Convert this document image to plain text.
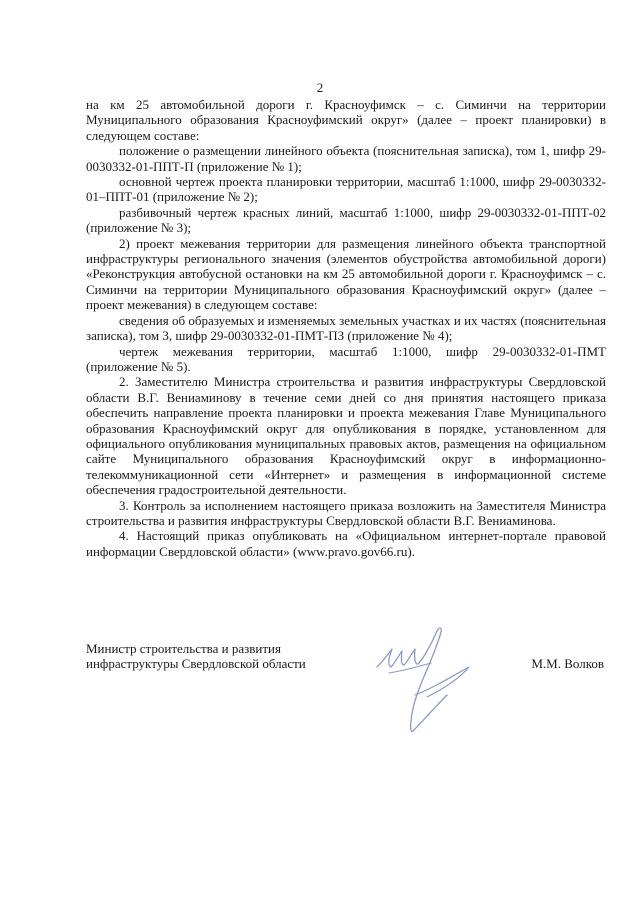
2

на км 25 автомобильной дороги г. Красноуфимск – с. Симинчи на территории Муниципального образования Красноуфимский округ» (далее – проект планировки) в следующем составе:

положение о размещении линейного объекта (пояснительная записка), том 1, шифр 29-0030332-01-ППТ-П (приложение № 1);

основной чертеж проекта планировки территории, масштаб 1:1000, шифр 29-0030332-01–ППТ-01 (приложение № 2);

разбивочный чертеж красных линий, масштаб 1:1000, шифр 29-0030332-01-ППТ-02 (приложение № 3);

2) проект межевания территории для размещения линейного объекта транспортной инфраструктуры регионального значения (элементов обустройства автомобильной дороги) «Реконструкция автобусной остановки на км 25 автомобильной дороги г. Красноуфимск – с. Симинчи на территории Муниципального образования Красноуфимский округ» (далее – проект межевания) в следующем составе:

сведения об образуемых и изменяемых земельных участках и их частях (пояснительная записка), том 3, шифр 29-0030332-01-ПМТ-ПЗ (приложение № 4);

чертеж межевания территории, масштаб 1:1000, шифр 29-0030332-01-ПМТ (приложение № 5).

2. Заместителю Министра строительства и развития инфраструктуры Свердловской области В.Г. Вениаминову в течение семи дней со дня принятия настоящего приказа обеспечить направление проекта планировки и проекта межевания Главе Муниципального образования Красноуфимский округ для опубликования в порядке, установленном для официального опубликования муниципальных правовых актов, размещения на официальном сайте Муниципального образования Красноуфимский округ в информационно-телекоммуникационной сети «Интернет» и размещения в информационной системе обеспечения градостроительной деятельности.

3. Контроль за исполнением настоящего приказа возложить на Заместителя Министра строительства и развития инфраструктуры Свердловской области В.Г. Вениаминова.

4. Настоящий приказ опубликовать на «Официальном интернет-портале правовой информации Свердловской области» (www.pravo.gov66.ru).

Министр строительства и развития
инфраструктуры Свердловской области	М.М. Волков
